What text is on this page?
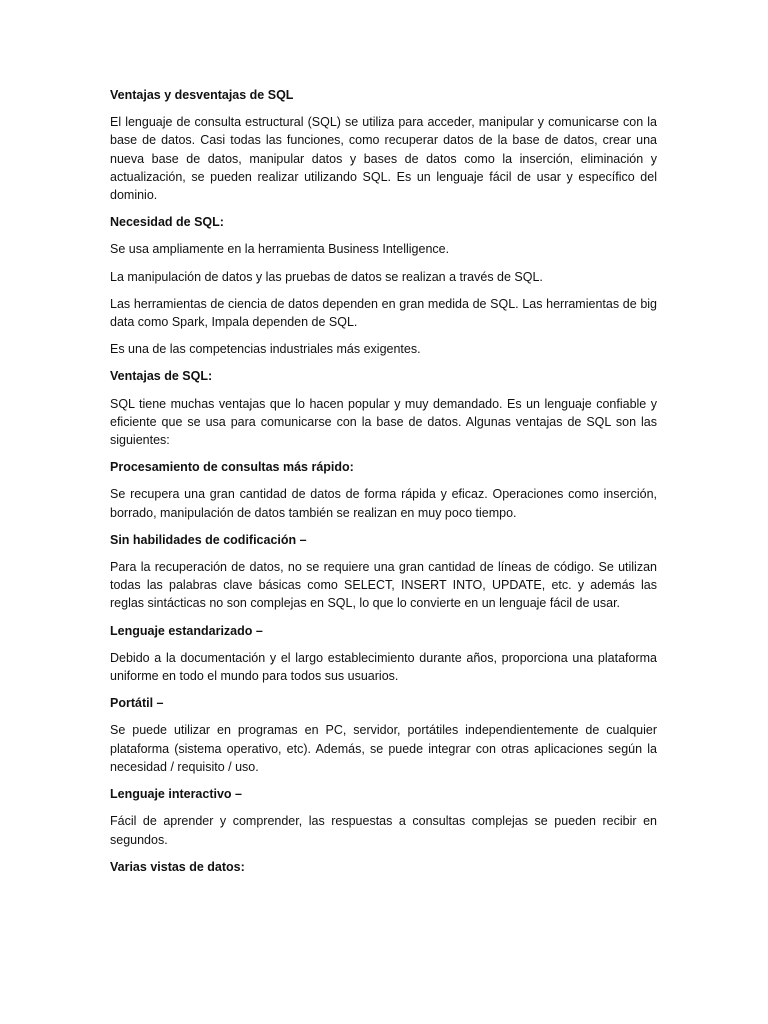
Ventajas y desventajas de SQL
El lenguaje de consulta estructural (SQL) se utiliza para acceder, manipular y comunicarse con la base de datos. Casi todas las funciones, como recuperar datos de la base de datos, crear una nueva base de datos, manipular datos y bases de datos como la inserción, eliminación y actualización, se pueden realizar utilizando SQL. Es un lenguaje fácil de usar y específico del dominio.
Necesidad de SQL:
Se usa ampliamente en la herramienta Business Intelligence.
La manipulación de datos y las pruebas de datos se realizan a través de SQL.
Las herramientas de ciencia de datos dependen en gran medida de SQL. Las herramientas de big data como Spark, Impala dependen de SQL.
Es una de las competencias industriales más exigentes.
Ventajas de SQL:
SQL tiene muchas ventajas que lo hacen popular y muy demandado. Es un lenguaje confiable y eficiente que se usa para comunicarse con la base de datos. Algunas ventajas de SQL son las siguientes:
Procesamiento de consultas más rápido:
Se recupera una gran cantidad de datos de forma rápida y eficaz. Operaciones como inserción, borrado, manipulación de datos también se realizan en muy poco tiempo.
Sin habilidades de codificación –
Para la recuperación de datos, no se requiere una gran cantidad de líneas de código. Se utilizan todas las palabras clave básicas como SELECT, INSERT INTO, UPDATE, etc. y además las reglas sintácticas no son complejas en SQL, lo que lo convierte en un lenguaje fácil de usar.
Lenguaje estandarizado –
Debido a la documentación y el largo establecimiento durante años, proporciona una plataforma uniforme en todo el mundo para todos sus usuarios.
Portátil –
Se puede utilizar en programas en PC, servidor, portátiles independientemente de cualquier plataforma (sistema operativo, etc). Además, se puede integrar con otras aplicaciones según la necesidad / requisito / uso.
Lenguaje interactivo –
Fácil de aprender y comprender, las respuestas a consultas complejas se pueden recibir en segundos.
Varias vistas de datos:
